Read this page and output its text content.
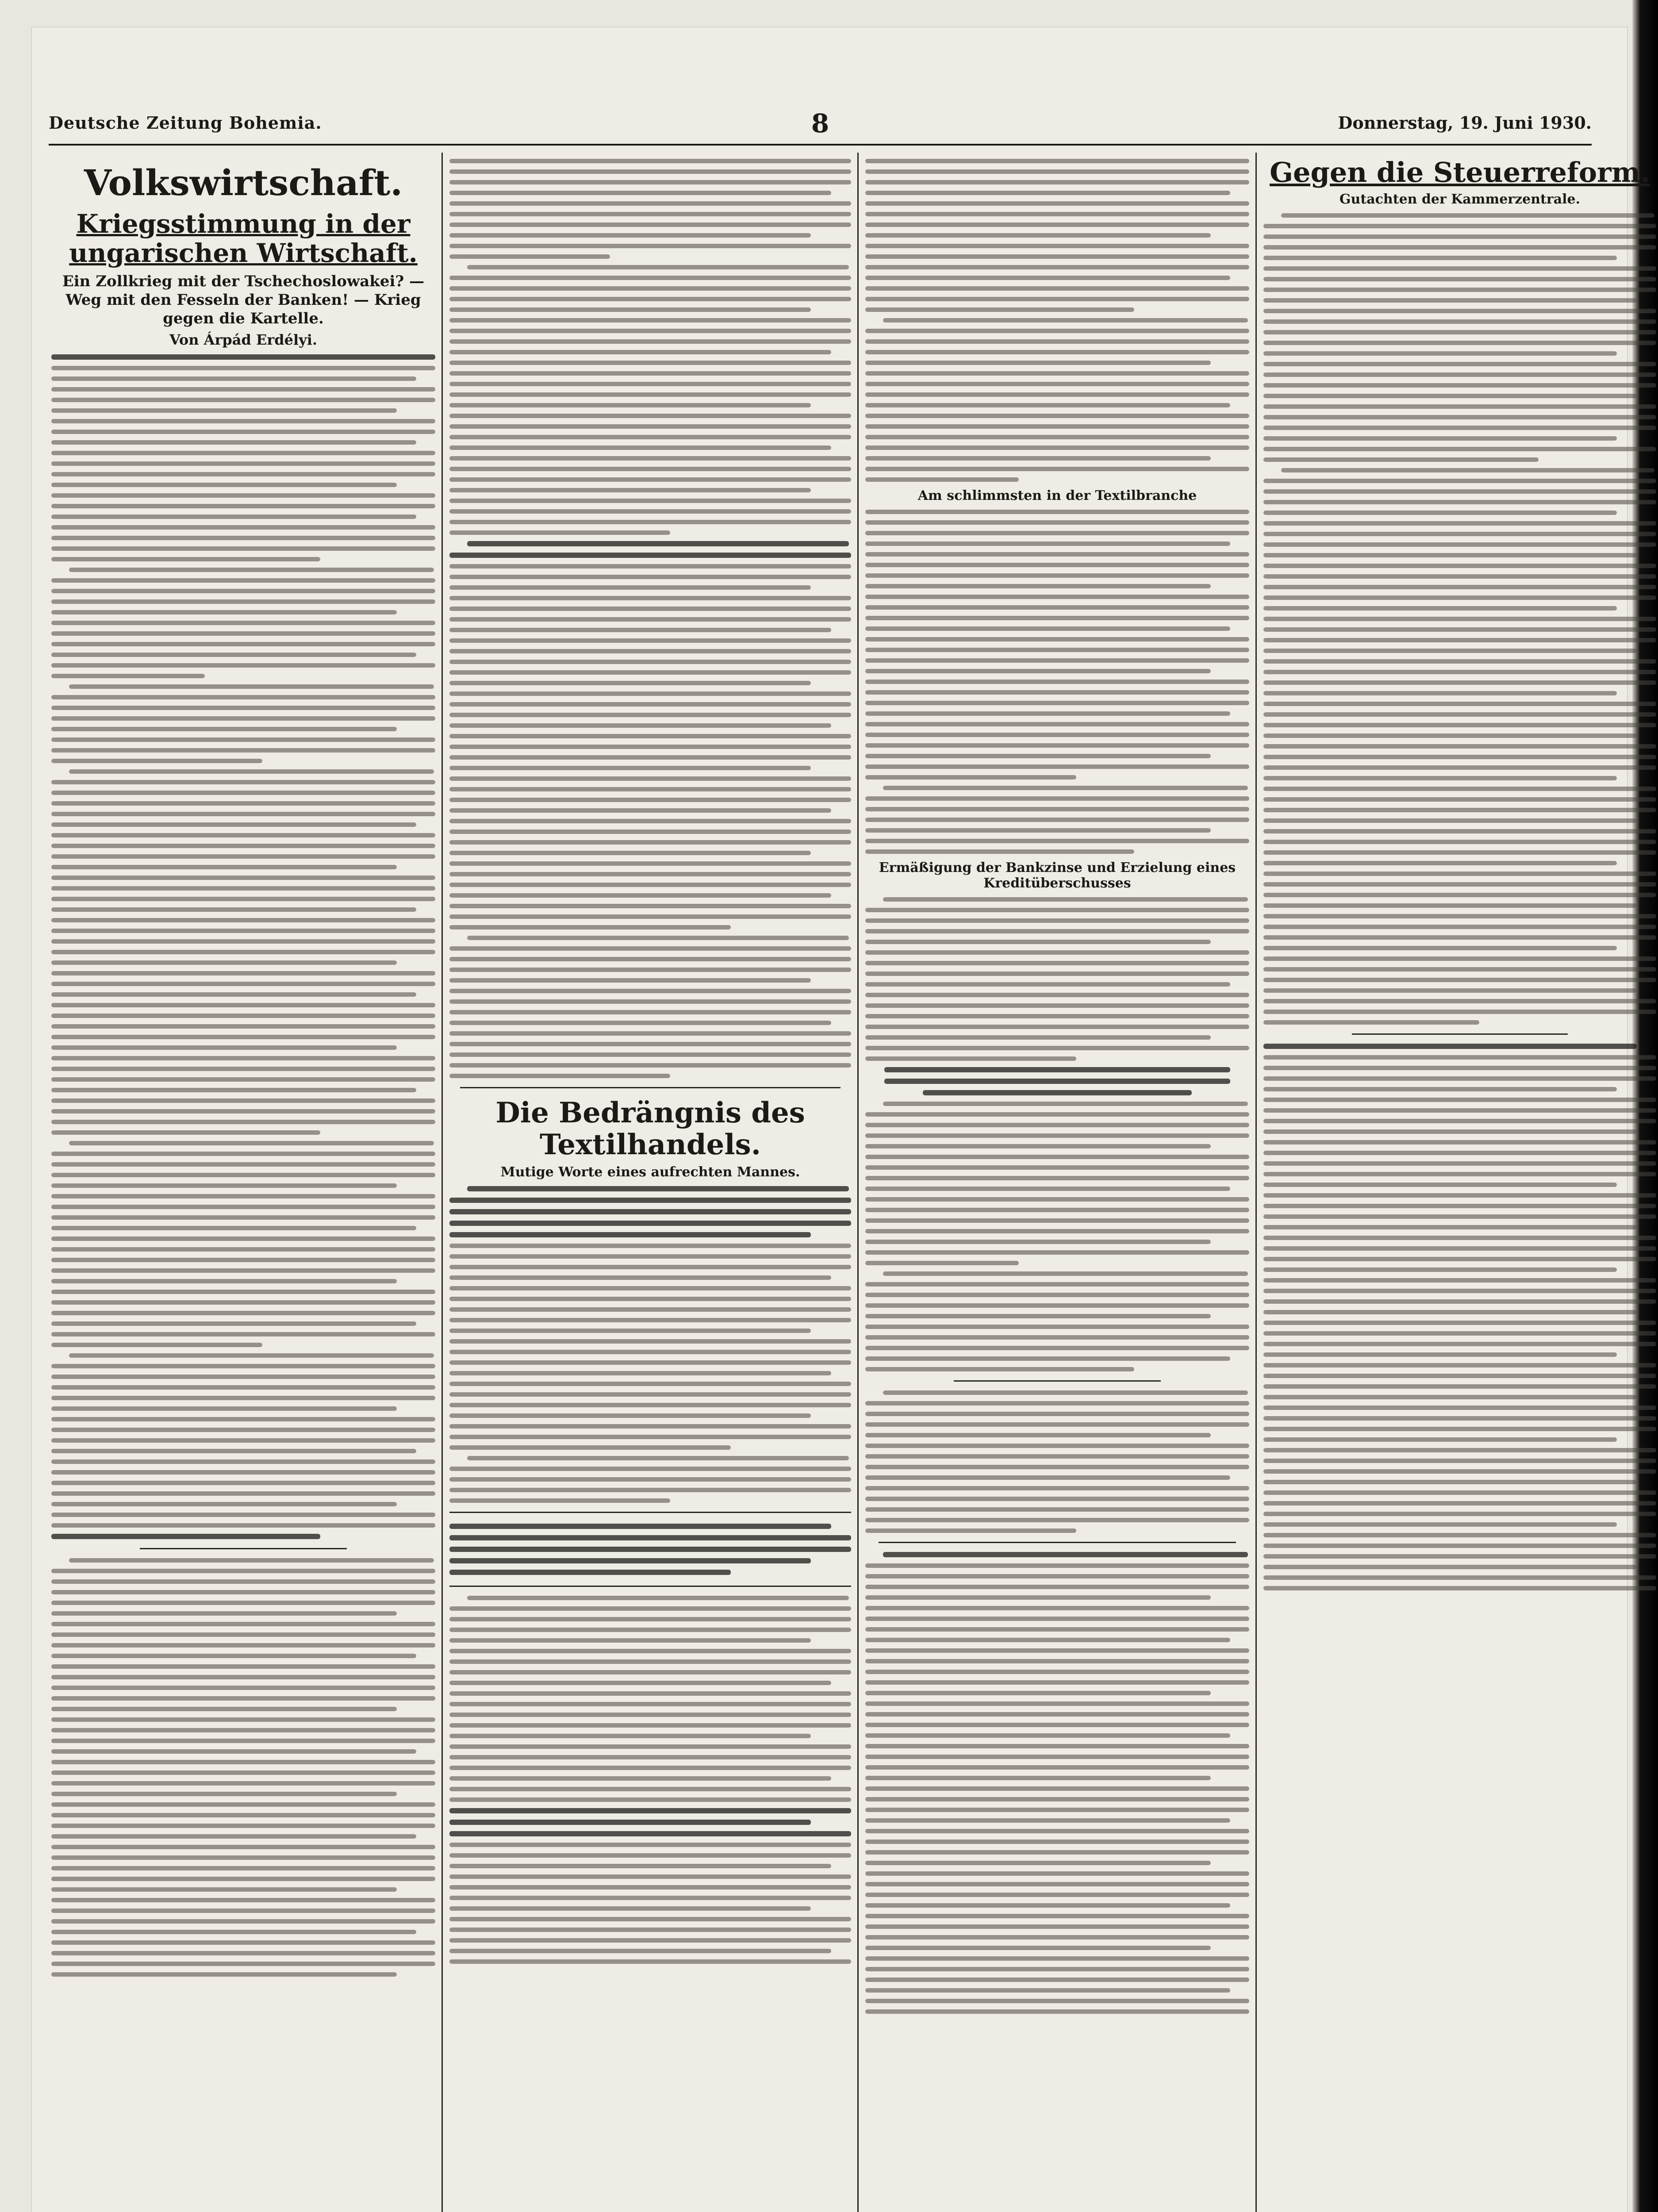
Deutsche Zeitung Bohemia.	8	Donnerstag, 19. Juni 1930.
Volkswirtschaft.
Kriegsstimmung in der ungarischen Wirtschaft.
Ein Zollkrieg mit der Tschechoslowakei? — Weg mit den Fesseln der Banken! — Krieg gegen die Kartelle.
Von Árpád Erdélyi.
Die Bedrängnis des Textilhandels.
Mutige Worte eines aufrechten Mannes.
Am schlimmsten in der Textilbranche
Ermäßigung der Bankzinse und Erzielung eines Kreditüberschusses
Gegen die Steuerreform.
Gutachten der Kammerzentrale.
